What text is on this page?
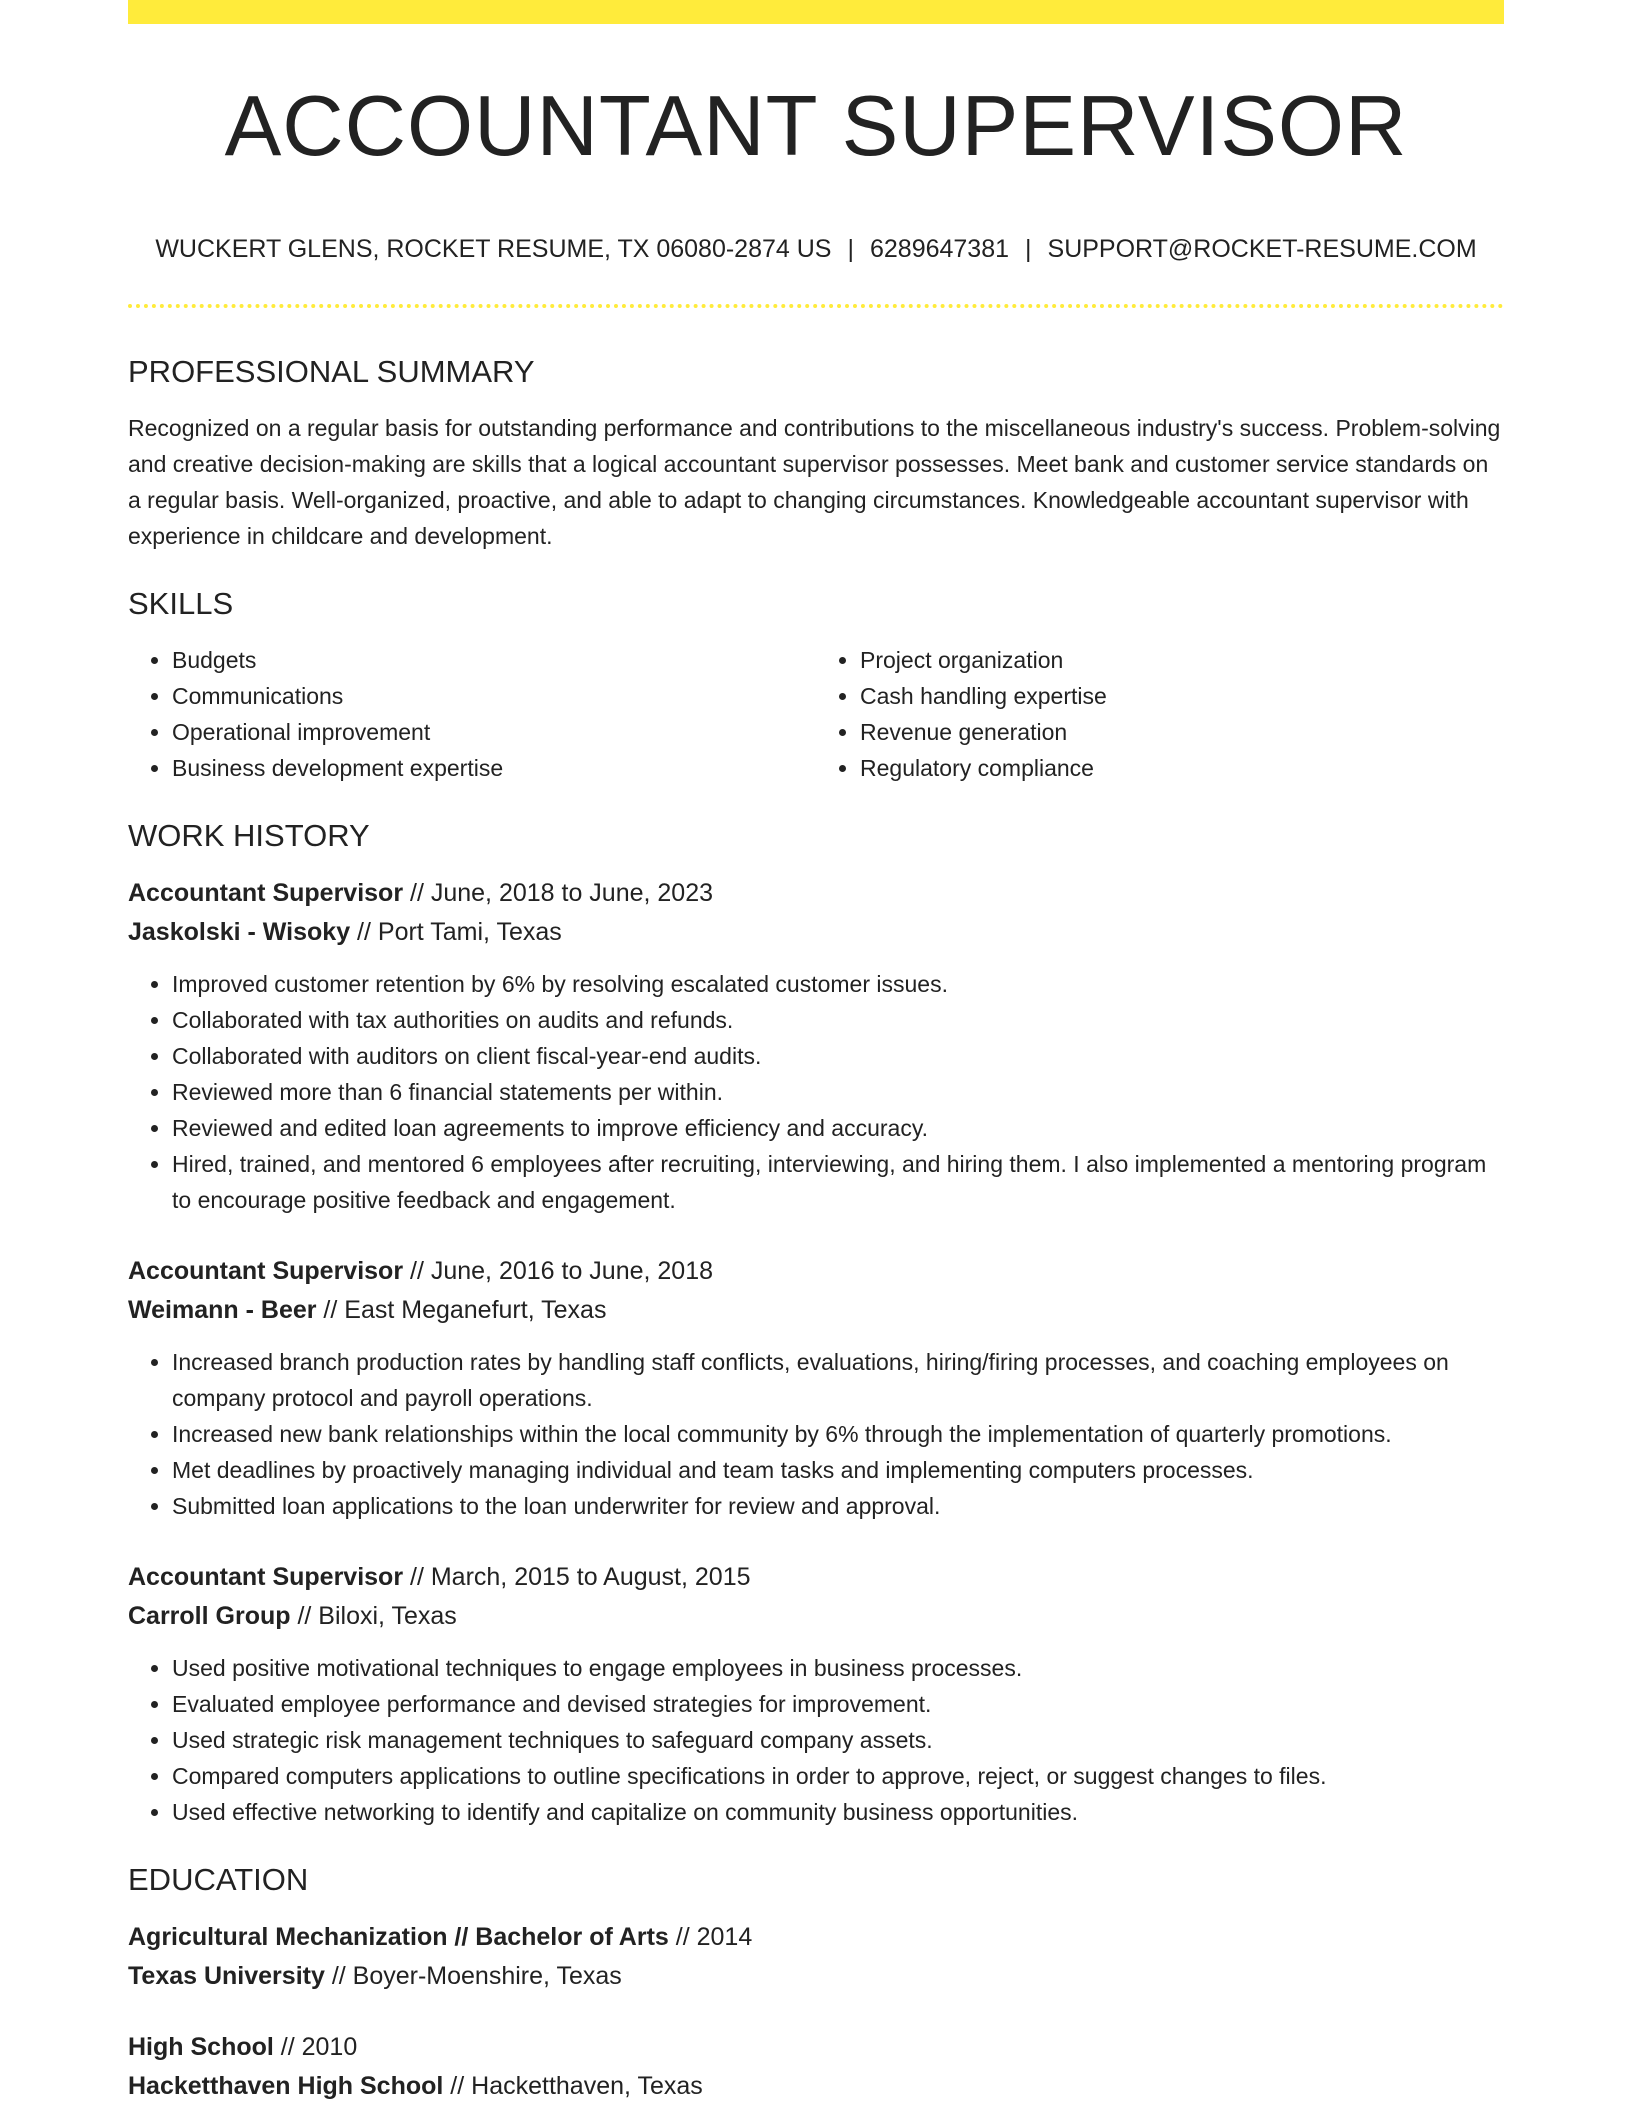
ACCOUNTANT SUPERVISOR
WUCKERT GLENS, ROCKET RESUME, TX 06080-2874 US | 6289647381 | SUPPORT@ROCKET-RESUME.COM
PROFESSIONAL SUMMARY
Recognized on a regular basis for outstanding performance and contributions to the miscellaneous industry's success. Problem-solving and creative decision-making are skills that a logical accountant supervisor possesses. Meet bank and customer service standards on a regular basis. Well-organized, proactive, and able to adapt to changing circumstances. Knowledgeable accountant supervisor with experience in childcare and development.
SKILLS
• Budgets
• Communications
• Operational improvement
• Business development expertise
• Project organization
• Cash handling expertise
• Revenue generation
• Regulatory compliance
WORK HISTORY
Accountant Supervisor // June, 2018 to June, 2023
Jaskolski - Wisoky // Port Tami, Texas
• Improved customer retention by 6% by resolving escalated customer issues.
• Collaborated with tax authorities on audits and refunds.
• Collaborated with auditors on client fiscal-year-end audits.
• Reviewed more than 6 financial statements per within.
• Reviewed and edited loan agreements to improve efficiency and accuracy.
• Hired, trained, and mentored 6 employees after recruiting, interviewing, and hiring them. I also implemented a mentoring program to encourage positive feedback and engagement.
Accountant Supervisor // June, 2016 to June, 2018
Weimann - Beer // East Meganefurt, Texas
• Increased branch production rates by handling staff conflicts, evaluations, hiring/firing processes, and coaching employees on company protocol and payroll operations.
• Increased new bank relationships within the local community by 6% through the implementation of quarterly promotions.
• Met deadlines by proactively managing individual and team tasks and implementing computers processes.
• Submitted loan applications to the loan underwriter for review and approval.
Accountant Supervisor // March, 2015 to August, 2015
Carroll Group // Biloxi, Texas
• Used positive motivational techniques to engage employees in business processes.
• Evaluated employee performance and devised strategies for improvement.
• Used strategic risk management techniques to safeguard company assets.
• Compared computers applications to outline specifications in order to approve, reject, or suggest changes to files.
• Used effective networking to identify and capitalize on community business opportunities.
EDUCATION
Agricultural Mechanization // Bachelor of Arts // 2014
Texas University // Boyer-Moenshire, Texas
High School // 2010
Hacketthaven High School // Hacketthaven, Texas
